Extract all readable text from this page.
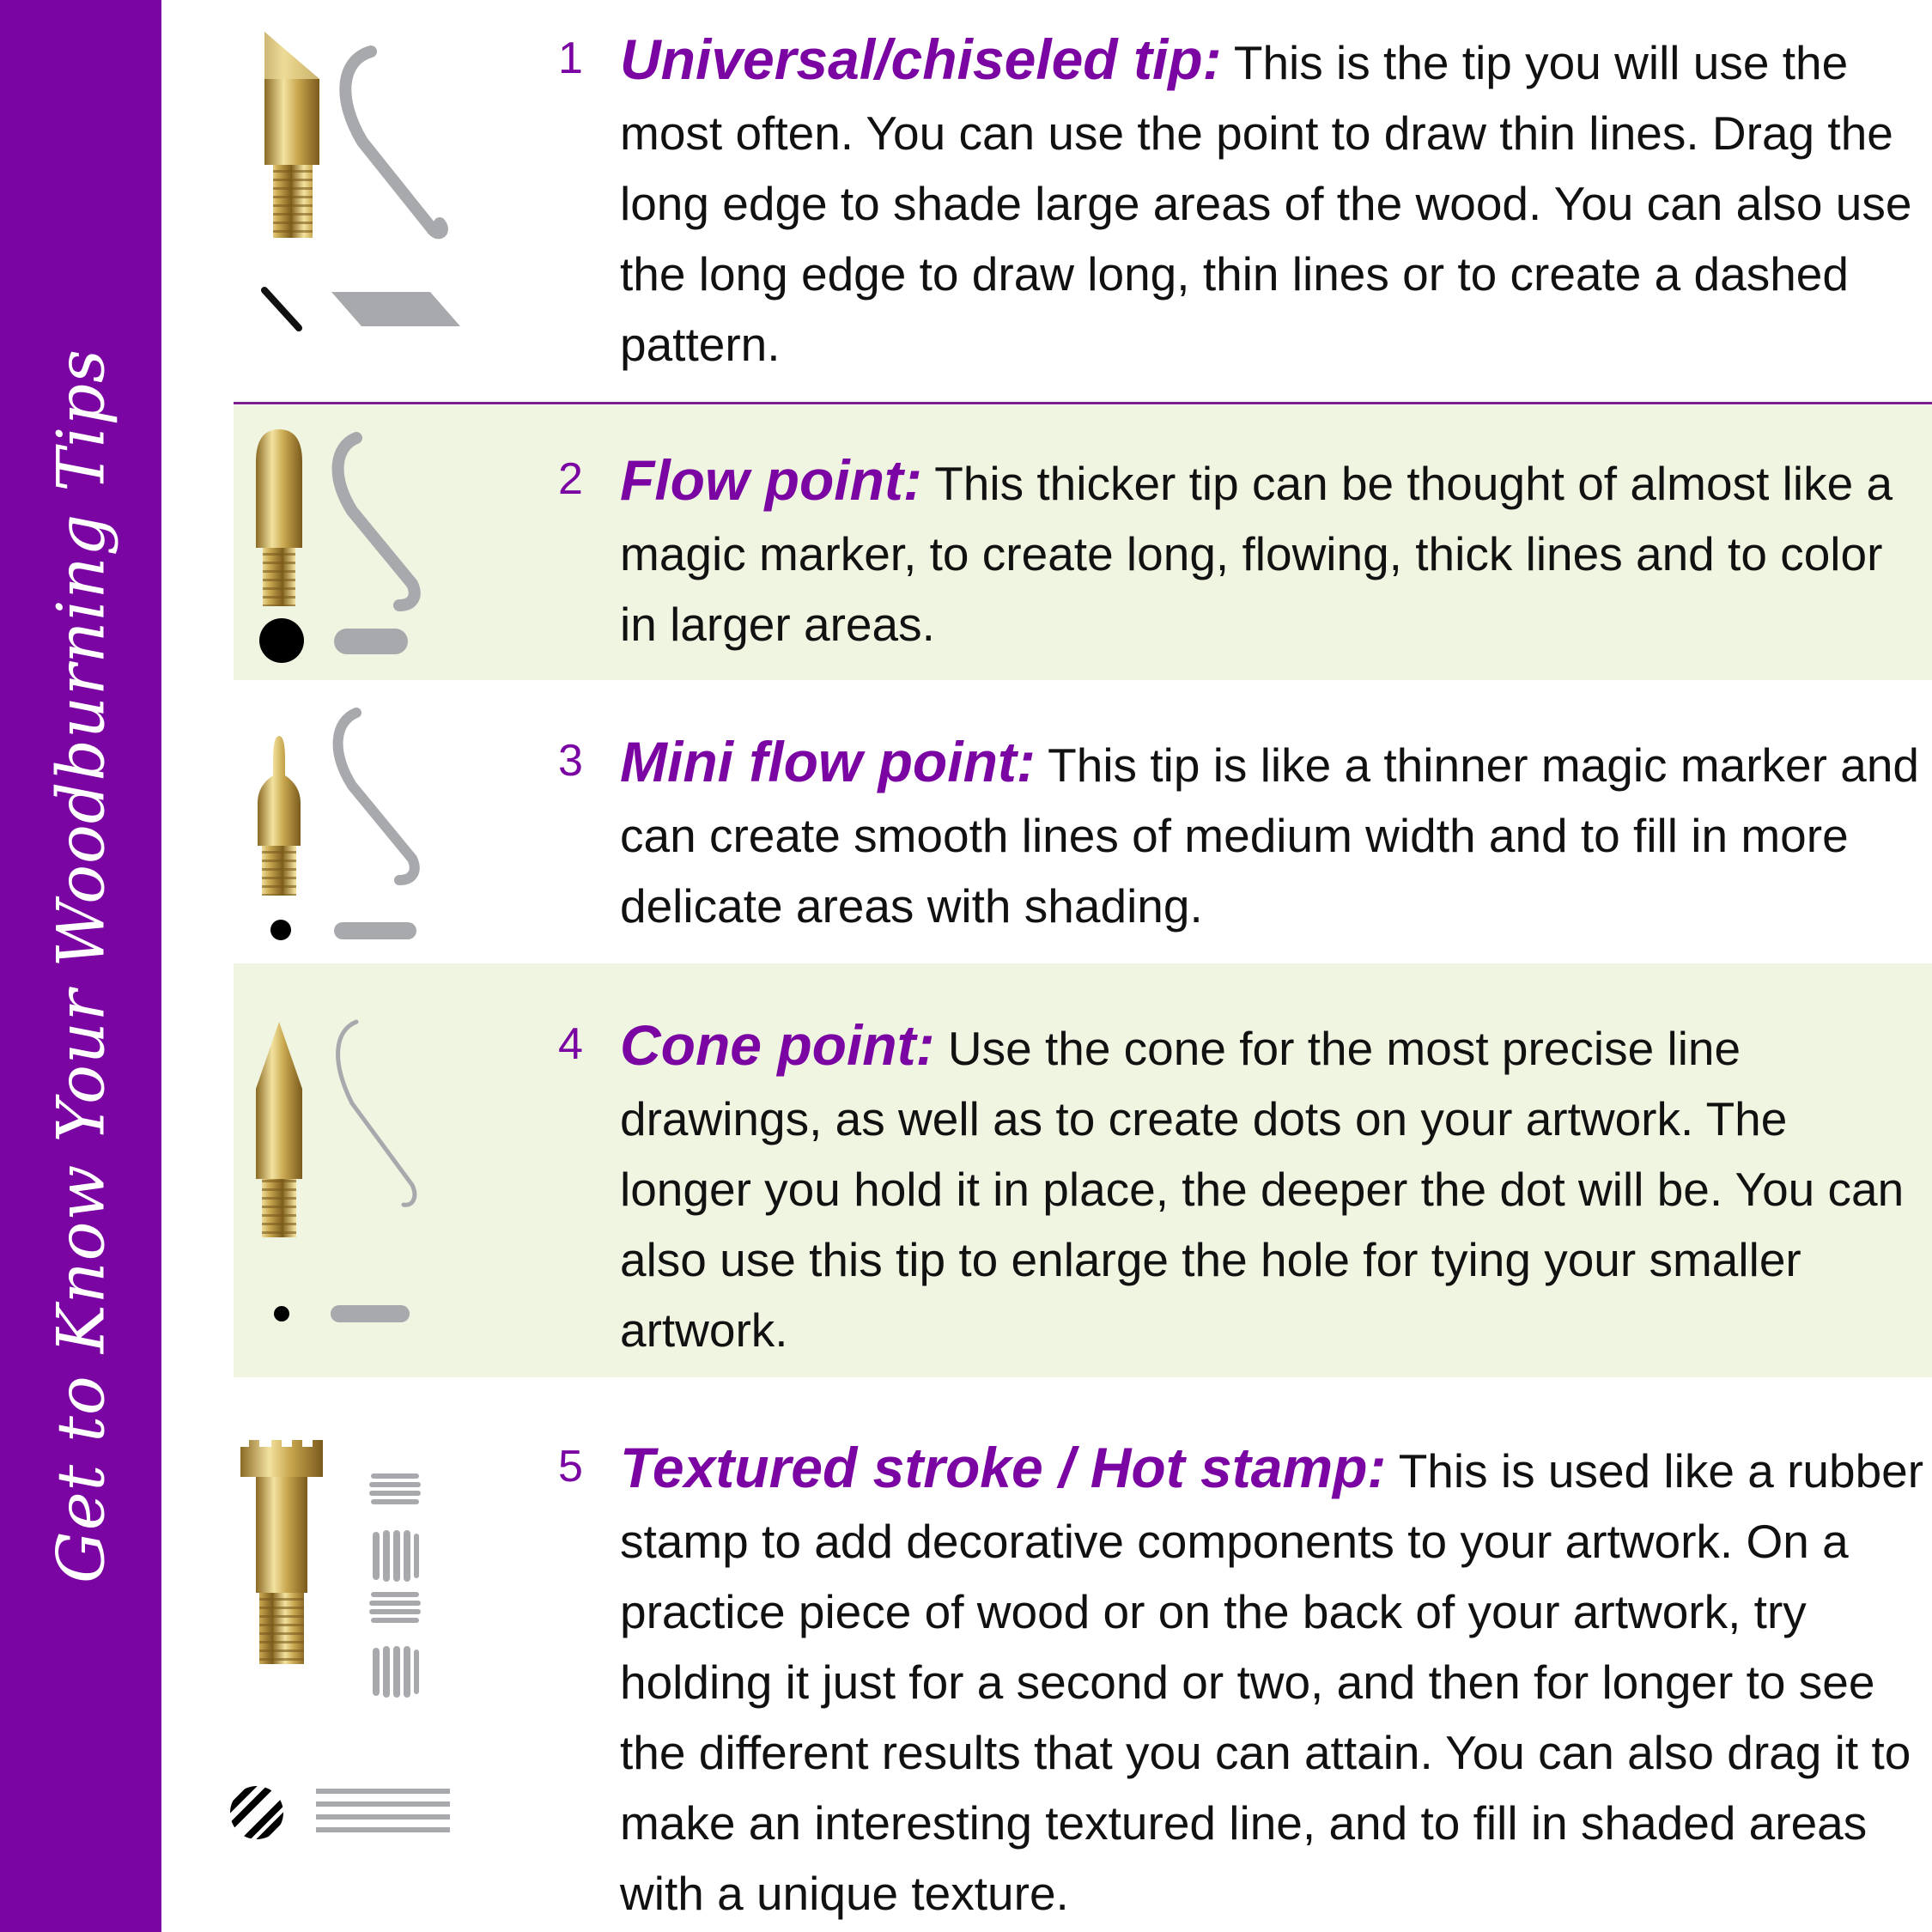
Get to Know Your Woodburning Tips
1 Universal/chiseled tip: This is the tip you will use the most often. You can use the point to draw thin lines. Drag the long edge to shade large areas of the wood. You can also use the long edge to draw long, thin lines or to create a dashed pattern.
2 Flow point: This thicker tip can be thought of almost like a magic marker, to create long, flowing, thick lines and to color in larger areas.
3 Mini flow point: This tip is like a thinner magic marker and can create smooth lines of medium width and to fill in more delicate areas with shading.
4 Cone point: Use the cone for the most precise line drawings, as well as to create dots on your artwork. The longer you hold it in place, the deeper the dot will be. You can also use this tip to enlarge the hole for tying your smaller artwork.
5 Textured stroke / Hot stamp: This is used like a rubber stamp to add decorative components to your artwork. On a practice piece of wood or on the back of your artwork, try holding it just for a second or two, and then for longer to see the different results that you can attain. You can also drag it to make an interesting textured line, and to fill in shaded areas with a unique texture.
